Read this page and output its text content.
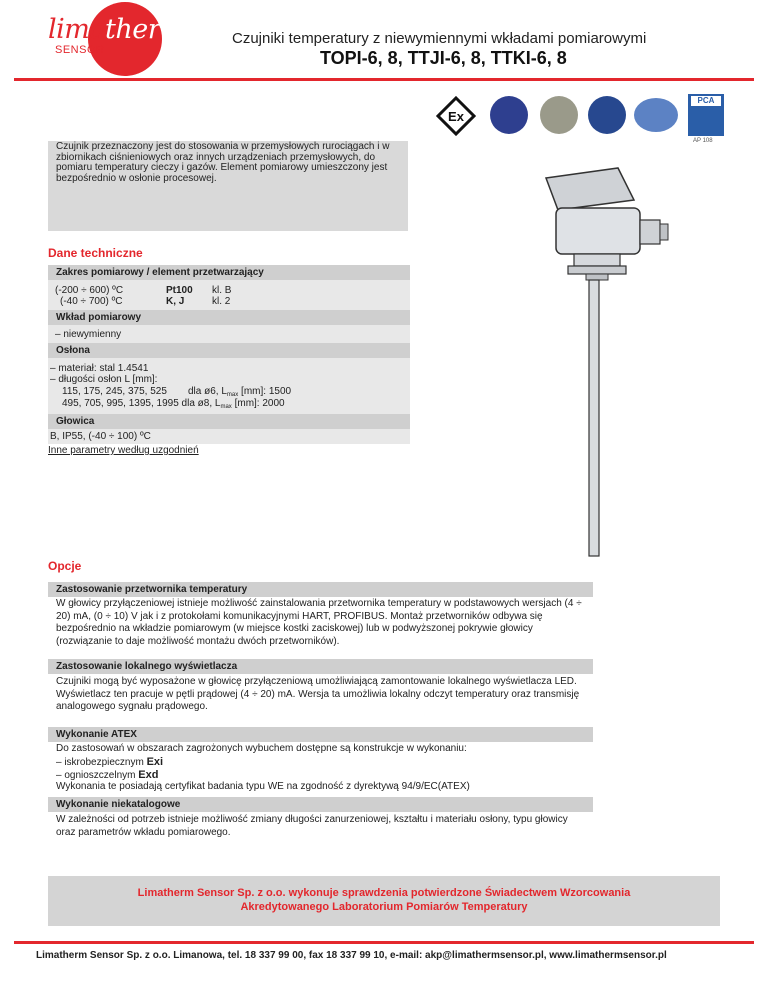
limatherm
SENSOR
Czujniki temperatury z niewymiennymi wkładami pomiarowymi
TOPI-6, 8, TTJI-6, 8, TTKI-6, 8
Ex
PCA
AP 108
Czujnik przeznaczony jest do stosowania w przemysłowych rurociągach i w zbiornikach ciśnieniowych oraz innych urządzeniach przemysłowych, do pomiaru temperatury cieczy i gazów. Element pomiarowy umieszczony jest bezpośrednio w osłonie procesowej.
Dane techniczne
Zakres pomiarowy / element przetwarzający
(-200 ÷ 600) ºC	Pt100 kl. B
(-40 ÷ 700) ºC	K, J	kl. 2
Wkład pomiarowy
– niewymienny
Osłona
– materiał: stal 1.4541
– długości osłon L [mm]:
115, 175, 245, 375, 525 dla ø6, $L_{max}$ [mm]: 1500
495, 705, 995, 1395, 1995 dla ø8, $L_{max}$ [mm]: 2000
Głowica
B, IP55, (-40 ÷ 100) ºC
Inne parametry według uzgodnień
Opcje
Zastosowanie przetwornika temperatury
W głowicy przyłączeniowej istnieje możliwość zainstalowania przetwornika temperatury w podstawowych wersjach (4 ÷ 20) mA, (0 ÷ 10) V jak i z protokołami komunikacyjnymi HART, PROFIBUS. Montaż przetworników odbywa się bezpośrednio na wkładzie pomiarowym (w miejsce kostki zaciskowej) lub w podwyższonej pokrywie głowicy (rozwiązanie to daje możliwość montażu dwóch przetworników).
Zastosowanie lokalnego wyświetlacza
Czujniki mogą być wyposażone w głowicę przyłączeniową umożliwiającą zamontowanie lokalnego wyświetlacza LED. Wyświetlacz ten pracuje w pętli prądowej (4 ÷ 20) mA. Wersja ta umożliwia lokalny odczyt temperatury oraz transmisję analogowego sygnału prądowego.
Wykonanie ATEX
Do zastosowań w obszarach zagrożonych wybuchem dostępne są konstrukcje w wykonaniu:
– iskrobezpiecznym Exi
– ognioszczelnym Exd
Wykonania te posiadają certyfikat badania typu WE na zgodność z dyrektywą 94/9/EC(ATEX)
Wykonanie niekatalogowe
W zależności od potrzeb istnieje możliwość zmiany długości zanurzeniowej, kształtu i materiału osłony, typu głowicy oraz parametrów wkładu pomiarowego.
Limatherm Sensor Sp. z o.o. wykonuje sprawdzenia potwierdzone Świadectwem Wzorcowania
Akredytowanego Laboratorium Pomiarów Temperatury
Limatherm Sensor Sp. z o.o. Limanowa, tel. 18 337 99 00, fax 18 337 99 10, e-mail: akp@limathermsensor.pl, www.limathermsensor.pl
